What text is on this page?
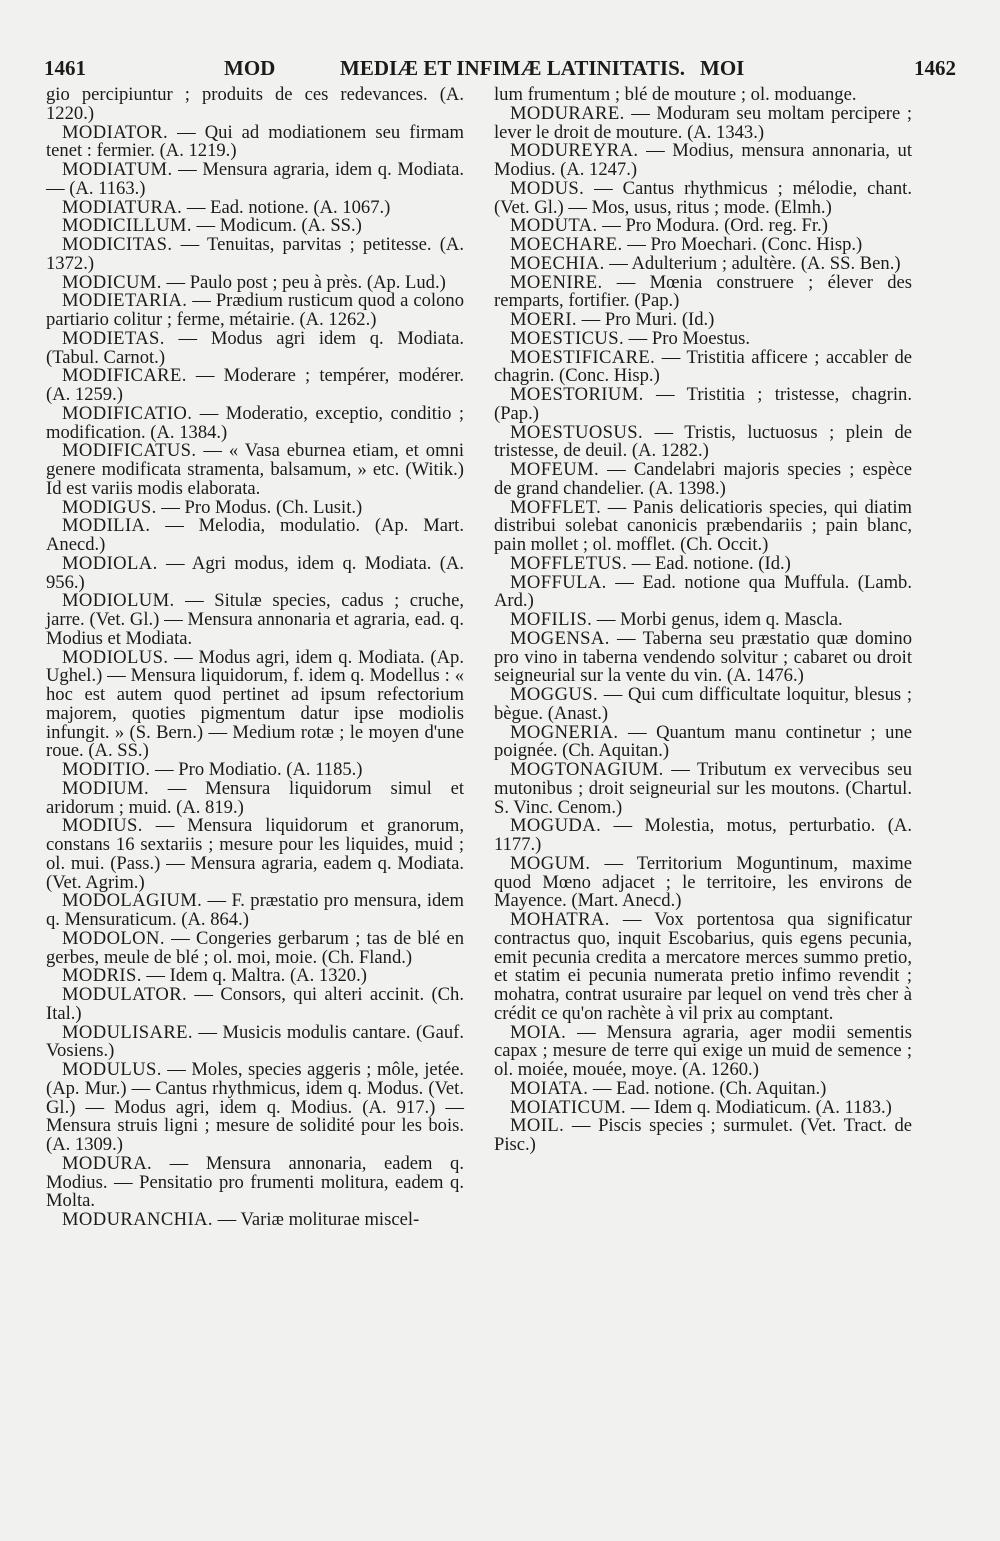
1461	MOD	MEDIÆ ET INFIMÆ LATINITATIS. MOI	1462

gio percipiuntur ; produits de ces redevances. (A. 1220.)

MODIATOR. — Qui ad modiationem seu firmam tenet : fermier. (A. 1219.)

MODIATUM. — Mensura agraria, idem q. Modiata. — (A. 1163.)

MODIATURA. — Ead. notione. (A. 1067.)

MODICILLUM. — Modicum. (A. SS.)

MODICITAS. — Tenuitas, parvitas ; petitesse. (A. 1372.)

MODICUM. — Paulo post ; peu à près. (Ap. Lud.)

MODIETARIA. — Prædium rusticum quod a colono partiario colitur ; ferme, métairie. (A. 1262.)

MODIETAS. — Modus agri idem q. Modiata. (Tabul. Carnot.)

MODIFICARE. — Moderare ; tempérer, modérer. (A. 1259.)

MODIFICATIO. — Moderatio, exceptio, conditio ; modification. (A. 1384.)

MODIFICATUS. — « Vasa eburnea etiam, et omni genere modificata stramenta, balsamum, » etc. (Witik.) Id est variis modis elaborata.

MODIGUS. — Pro Modus. (Ch. Lusit.)

MODILIA. — Melodia, modulatio. (Ap. Mart. Anecd.)

MODIOLA. — Agri modus, idem q. Modiata. (A. 956.)

MODIOLUM. — Situlæ species, cadus ; cruche, jarre. (Vet. Gl.) — Mensura annonaria et agraria, ead. q. Modius et Modiata.

MODIOLUS. — Modus agri, idem q. Modiata. (Ap. Ughel.) — Mensura liquidorum, f. idem q. Modellus : « hoc est autem quod pertinet ad ipsum refectorium majorem, quoties pigmentum datur ipse modiolis infungit. » (S. Bern.) — Medium rotæ ; le moyen d'une roue. (A. SS.)

MODITIO. — Pro Modiatio. (A. 1185.)

MODIUM. — Mensura liquidorum simul et aridorum ; muid. (A. 819.)

MODIUS. — Mensura liquidorum et granorum, constans 16 sextariis ; mesure pour les liquides, muid ; ol. mui. (Pass.) — Mensura agraria, eadem q. Modiata. (Vet. Agrim.)

MODOLAGIUM. — F. præstatio pro mensura, idem q. Mensuraticum. (A. 864.)

MODOLON. — Congeries gerbarum ; tas de blé en gerbes, meule de blé ; ol. moi, moie. (Ch. Fland.)

MODRIS. — Idem q. Maltra. (A. 1320.)

MODULATOR. — Consors, qui alteri accinit. (Ch. Ital.)

MODULISARE. — Musicis modulis cantare. (Gauf. Vosiens.)

MODULUS. — Moles, species aggeris ; môle, jetée. (Ap. Mur.) — Cantus rhythmicus, idem q. Modus. (Vet. Gl.) — Modus agri, idem q. Modius. (A. 917.) — Mensura struis ligni ; mesure de solidité pour les bois. (A. 1309.)

MODURA. — Mensura annonaria, eadem q. Modius. — Pensitatio pro frumenti molitura, eadem q. Molta.

MODURANCHIA. — Variæ moliturae miscel-

lum frumentum ; blé de mouture ; ol. moduange.

MODURARE. — Moduram seu moltam percipere ; lever le droit de mouture. (A. 1343.)

MODUREYRA. — Modius, mensura annonaria, ut Modius. (A. 1247.)

MODUS. — Cantus rhythmicus ; mélodie, chant. (Vet. Gl.) — Mos, usus, ritus ; mode. (Elmh.)

MODUTA. — Pro Modura. (Ord. reg. Fr.)

MOECHARE. — Pro Moecharі. (Conc. Hisp.)

MOECHIA. — Adulterium ; adultère. (A. SS. Ben.)

MOENIRE. — Mœnia construere ; élever des remparts, fortifier. (Pap.)

MOERI. — Pro Muri. (Id.)

MOESTICUS. — Pro Moestus.

MOESTIFICARE. — Tristitia afficere ; accabler de chagrin. (Conc. Hisp.)

MOESTORIUM. — Tristitia ; tristesse, chagrin. (Pap.)

MOESTUOSUS. — Tristis, luctuosus ; plein de tristesse, de deuil. (A. 1282.)

MOFEUM. — Candelabri majoris species ; espèce de grand chandelier. (A. 1398.)

MOFFLET. — Panis delicatioris species, qui diatim distribui solebat canonicis præbendariis ; pain blanc, pain mollet ; ol. mofflet. (Ch. Occit.)

MOFFLETUS. — Ead. notione. (Id.)

MOFFULA. — Ead. notione qua Muffula. (Lamb. Ard.)

MOFILIS. — Morbi genus, idem q. Mascla.

MOGENSA. — Taberna seu præstatio quæ domino pro vino in taberna vendendo solvitur ; cabaret ou droit seigneurial sur la vente du vin. (A. 1476.)

MOGGUS. — Qui cum difficultate loquitur, blesus ; bègue. (Anast.)

MOGNERIA. — Quantum manu continetur ; une poignée. (Ch. Aquitan.)

MOGTONAGIUM. — Tributum ex vervecibus seu mutonibus ; droit seigneurial sur les moutons. (Chartul. S. Vinc. Cenom.)

MOGUDA. — Molestia, motus, perturbatio. (A. 1177.)

MOGUM. — Territorium Moguntinum, maxime quod Mœno adjacet ; le territoire, les environs de Mayence. (Mart. Anecd.)

MOHATRA. — Vox portentosa qua significatur contractus quo, inquit Escobarius, quis egens pecunia, emit pecunia credita a mercatore merces summo pretio, et statim ei pecunia numerata pretio infimo revendit ; mohatra, contrat usuraire par lequel on vend très cher à crédit ce qu'on rachète à vil prix au comptant.

MOIA. — Mensura agraria, ager modii sementis capax ; mesure de terre qui exige un muid de semence ; ol. moiée, mouée, moye. (A. 1260.)

MOIATA. — Ead. notione. (Ch. Aquitan.)

MOIATICUM. — Idem q. Modiaticum. (A. 1183.)

MOIL. — Piscis species ; surmulet. (Vet. Tract. de Pisc.)
